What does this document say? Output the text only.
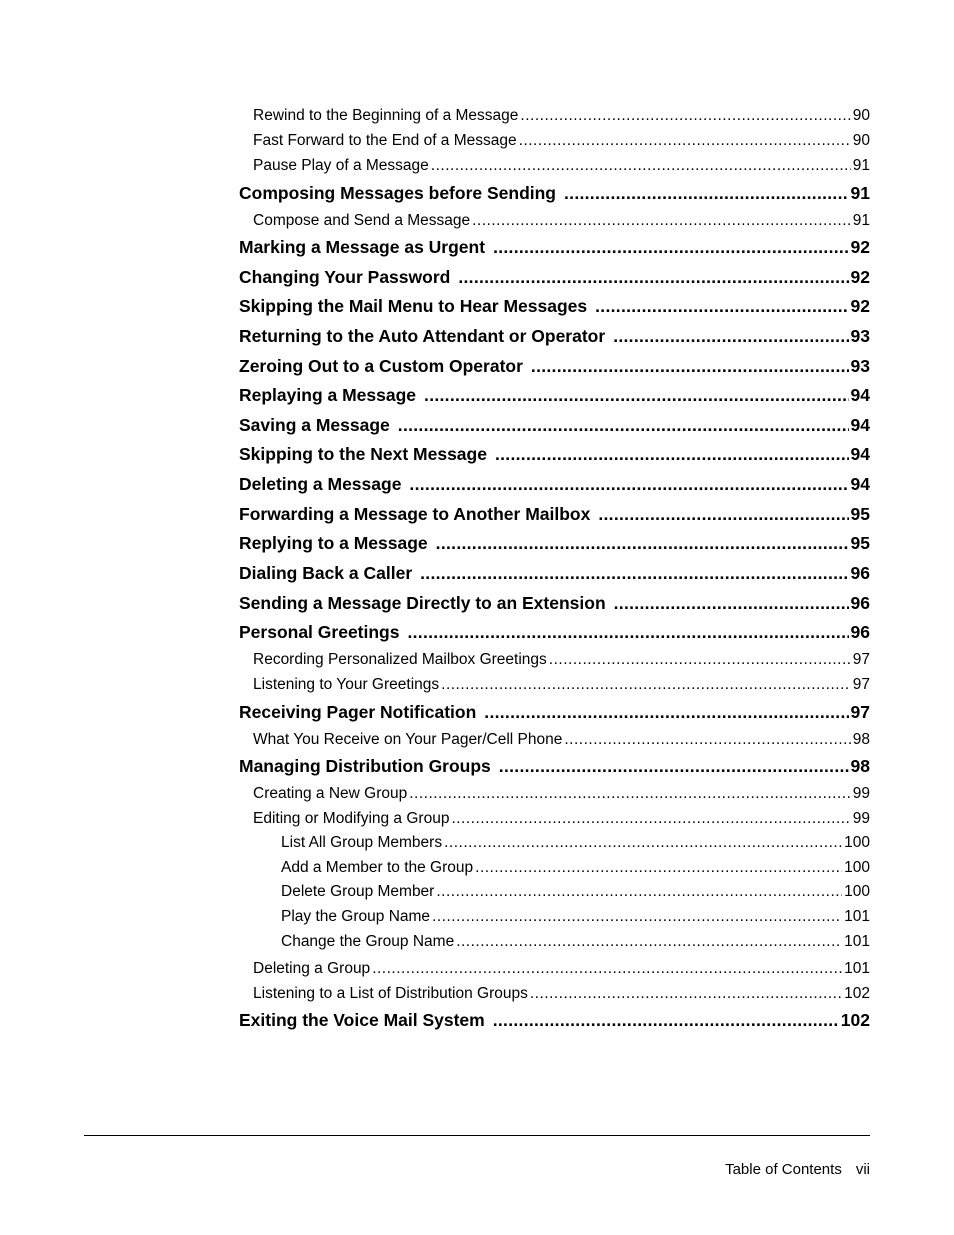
Rewind to the Beginning of a Message .....	90
Fast Forward to the End of a Message .....	90
Pause Play of a Message .....	91
Composing Messages before Sending .....	91
Compose and Send a Message .....	91
Marking a Message as Urgent .....	92
Changing Your Password .....	92
Skipping the Mail Menu to Hear Messages .....	92
Returning to the Auto Attendant or Operator .....	93
Zeroing Out to a Custom Operator .....	93
Replaying a Message .....	94
Saving a Message .....	94
Skipping to the Next Message .....	94
Deleting a Message .....	94
Forwarding a Message to Another Mailbox .....	95
Replying to a Message .....	95
Dialing Back a Caller .....	96
Sending a Message Directly to an Extension .....	96
Personal Greetings .....	96
Recording Personalized Mailbox Greetings .....	97
Listening to Your Greetings .....	97
Receiving Pager Notification .....	97
What You Receive on Your Pager/Cell Phone .....	98
Managing Distribution Groups .....	98
Creating a New Group .....	99
Editing or Modifying a Group .....	99
List All Group Members .....	100
Add a Member to the Group .....	100
Delete Group Member .....	100
Play the Group Name .....	101
Change the Group Name .....	101
Deleting a Group .....	101
Listening to a List of Distribution Groups .....	102
Exiting the Voice Mail System .....	102
Table of Contents vii
